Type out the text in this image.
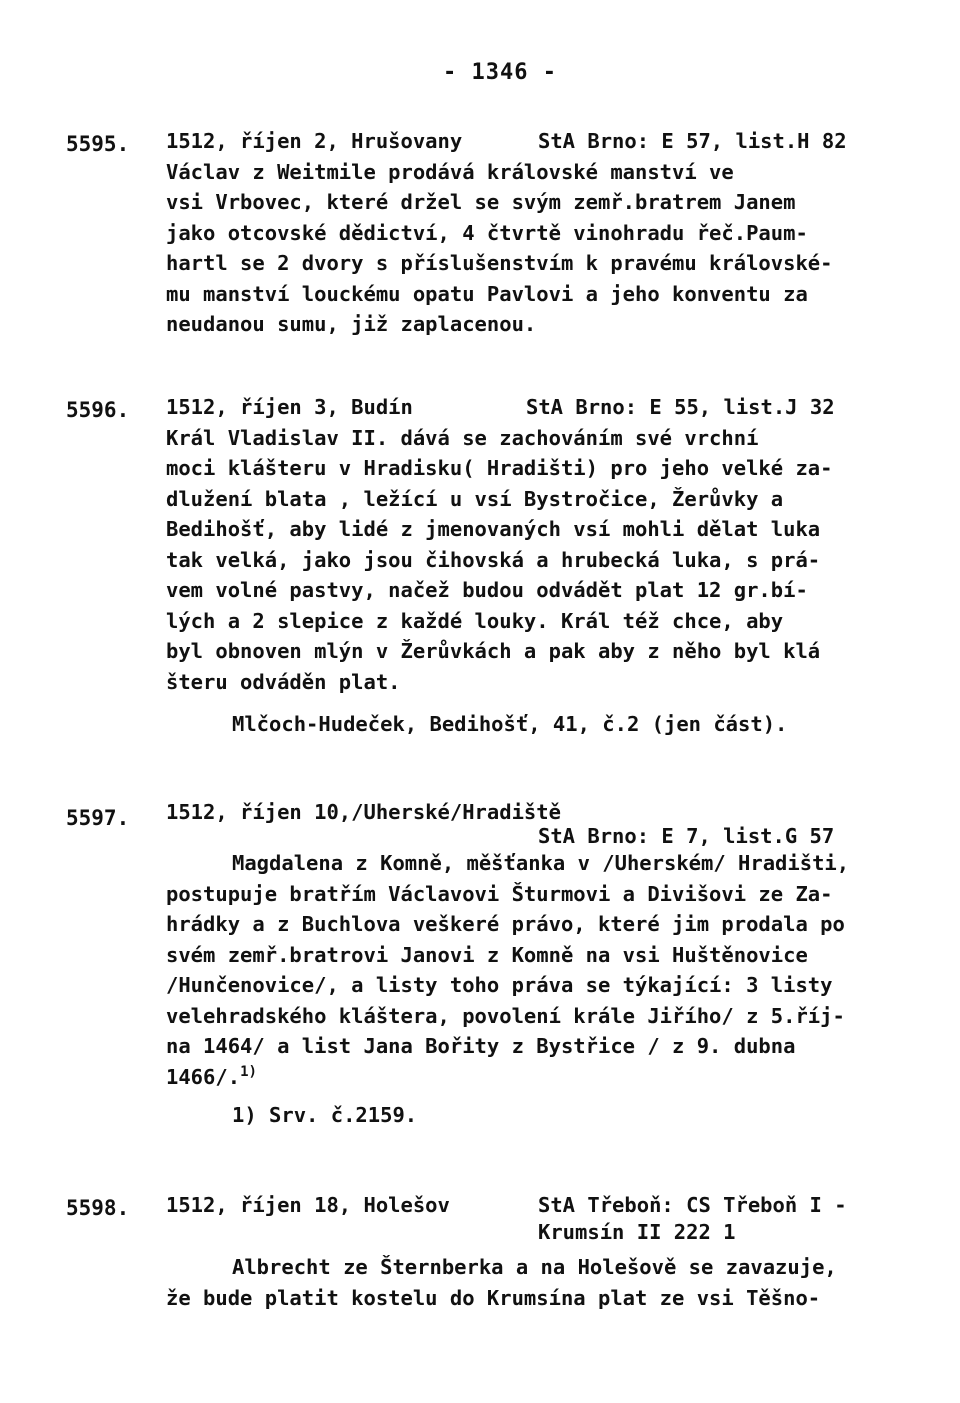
- 1346 -
5595. 1512, říjen 2, Hrušovany	StA Brno: E 57, list.H 82
Václav z Weitmile prodává královské manství ve
vsi Vrbovec, které držel se svým zemř.bratrem Janem
jako otcovské dědictví, 4 čtvrtě vinohradu řeč.Paum-
hartl se 2 dvory s příslušenstvím k pravému královské-
mu manství louckému opatu Pavlovi a jeho konventu za
neudanou sumu, již zaplacenou.
5596. 1512, říjen 3, Budín	StA Brno: E 55, list.J 32
Král Vladislav II. dává se zachováním své vrchní
moci klášteru v Hradisku( Hradišti) pro jeho velké za-
dlužení blata , ležící u vsí Bystročice, Žerůvky a
Bedihošť, aby lidé z jmenovaných vsí mohli dělat luka
tak velká, jako jsou čihovská a hrubecká luka, s prá-
vem volné pastvy, načež budou odvádět plat 12 gr.bí-
lých a 2 slepice z každé louky. Král též chce, aby
byl obnoven mlýn v Žerůvkách a pak aby z něho byl klá
šteru odváděn plat.
Mlčoch-Hudeček, Bedihošť, 41, č.2 (jen část).
5597. 1512, říjen 10,/Uherské/Hradiště
StA Brno: E 7, list.G 57
Magdalena z Komně, měšťanka v /Uherském/ Hradišti,
postupuje bratřím Václavovi Šturmovi a Divišovi ze Za-
hrádky a z Buchlova veškeré právo, které jim prodala po
svém zemř.bratrovi Janovi z Komně na vsi Huštěnovice
/Hunčenovice/, a listy toho práva se týkající: 3 listy
velehradského kláštera, povolení krále Jiřího/ z 5.říj-
na 1464/ a list Jana Bořity z Bystřice / z 9. dubna
1466/.$^{1)}$
1) Srv. č.2159.
5598. 1512, říjen 18, Holešov	StA Třeboň: CS Třeboň I -
Krumsín II 222 1
Albrecht ze Šternberka a na Holešově se zavazuje,
že bude platit kostelu do Krumsína plat ze vsi Těšno-
